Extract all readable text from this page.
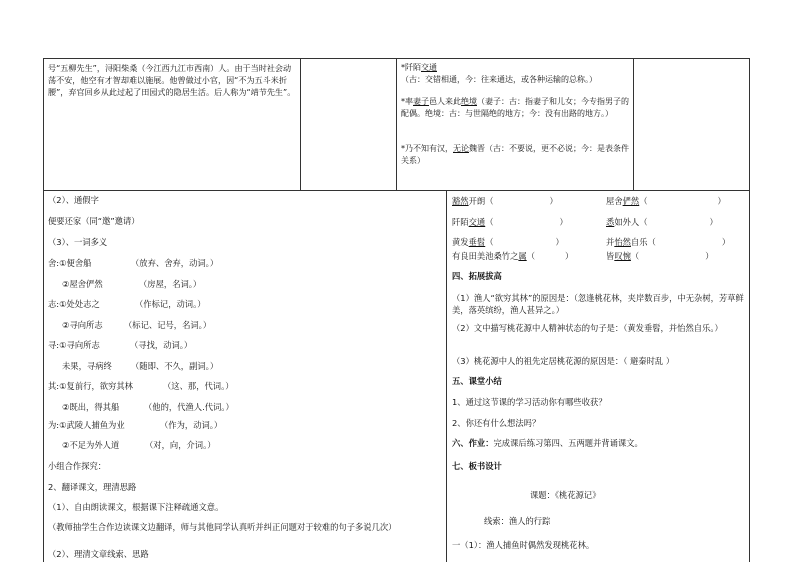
号“五柳先生”，浔阳柴桑（今江西九江市西南）人。由于当时社会动荡不安，他空有才智却难以施展。他曾做过小官，因“不为五斗米折腰”，弃官回乡从此过起了田园式的隐居生活。后人称为“靖节先生”。
*阡陌交通（古：交错相通，今：往来通达，或各种运输的总称。）
*率妻子邑人来此绝境（妻子：古：指妻子和儿女；今专指男子的配偶。绝境：古：与世隔绝的地方；今：没有出路的地方。）
*乃不知有汉，无论魏晋（古：不要说，更不必说；今：是表条件关系）
（2）、通假字
便要还家（同“邀”邀请）
（3）、一词多义
舍:①便舍船	（放弃、舍弃，动词。）
②屋舍俨然	（房屋，名词。）
志:①处处志之	（作标记，动词。）
②寻向所志	（标记、记号，名词。）
寻:①寻向所志	（寻找，动词。）
未果，寻病终 （随即、不久，副词。）
其:①复前行，欲穷其林	（这、那，代词。）
②既出，得其船	（他的，代渔人.代词。）
为:①武陵人捕鱼为业	（作为，动词。）
②不足为外人道	（对，向，介词。）
小组合作探究：
2、翻译课文，理清思路
（1）、自由朗读课文，根据课下注释疏通文意。
（教师抽学生合作边读课文边翻译，师与其他同学认真听并纠正问题对于较难的句子多说几次）
（2）、理清文章线索、思路
豁然开朗（	）	屋舍俨然（	）
阡陌交通（	）	悉如外人（	）
黄发垂髫（	）	并怡然自乐（	）
有良田美池桑竹之属（	）	皆叹惋（	）
四、拓展拔高
（1）渔人“欲穷其林”的原因是：（忽逢桃花林，夹岸数百步，中无杂树，芳草鲜美，落英缤纷，渔人甚异之。）
（2）文中描写桃花源中人精神状态的句子是：（黄发垂髫，并怡然自乐。）
（3）桃花源中人的祖先定居桃花源的原因是：（ 避秦时乱 ）
五、课堂小结
1、通过这节课的学习活动你有哪些收获？
2、你还有什么想法吗？
六、作业：完成课后练习第四、五两题并背诵课文。
七、板书设计
课题：《桃花源记》
线索：渔人的行踪
一（1）：渔人捕鱼时偶然发现桃花林。
